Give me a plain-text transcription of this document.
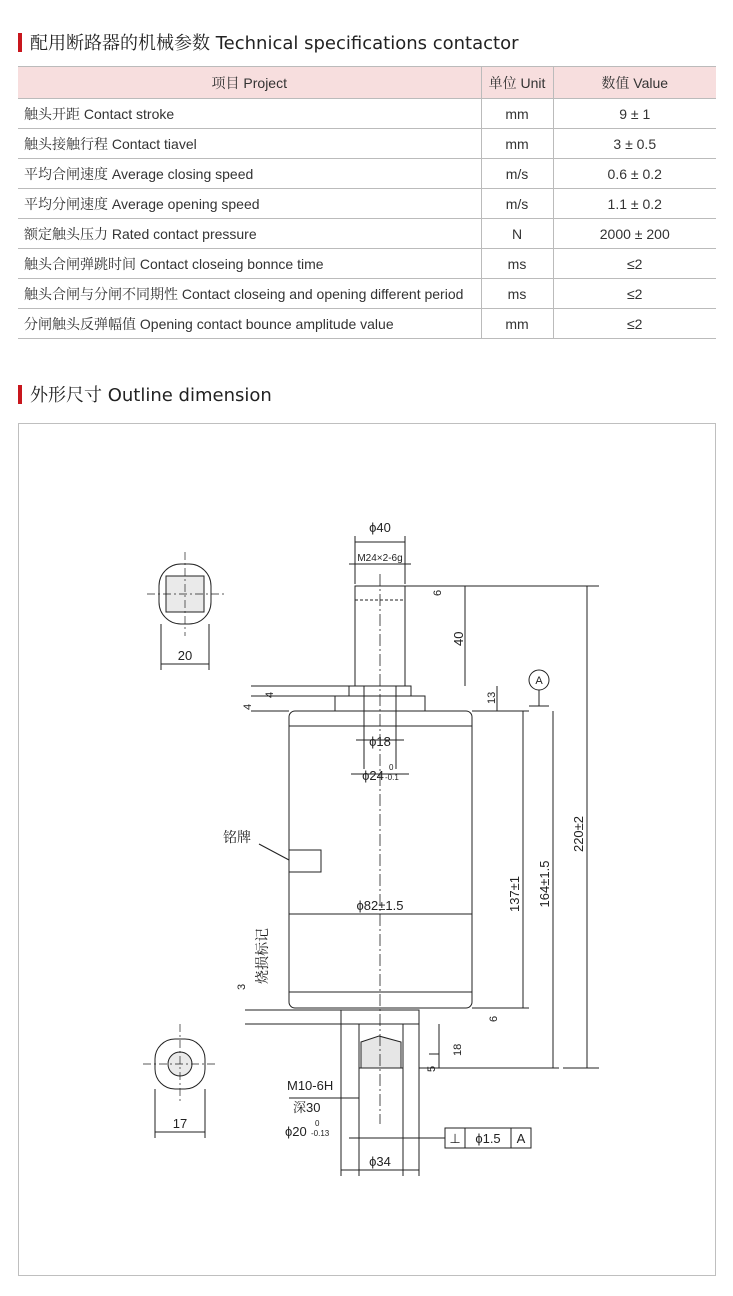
配用断路器的机械参数 Technical specifications contactor
项目 Project	单位 Unit	数值 Value
触头开距 Contact stroke	mm	9 ± 1
触头接触行程 Contact tiavel	mm	3 ± 0.5
平均合闸速度 Average closing speed	m/s	0.6 ± 0.2
平均分闸速度 Average opening speed	m/s	1.1 ± 0.2
额定触头压力 Rated contact pressure	N	2000 ± 200
触头合闸弹跳时间 Contact closeing bonnce time	ms	≤2
触头合闸与分闸不同期性 Contact closeing and opening different period	ms	≤2
分闸触头反弹幅值 Opening contact bounce amplitude value	mm	≤2
外形尺寸 Outline dimension
ϕ40
M24×2-6g
6
40
13
A
4
4
ϕ18
ϕ24
0
-0.1
铭牌
ϕ82±1.5	137±1 164±1.5
220±2
烧损标记
3
6
18
5
M10-6H
深30
ϕ20
0
-0.13	⊥ ϕ1.5 A
ϕ34
20
17
